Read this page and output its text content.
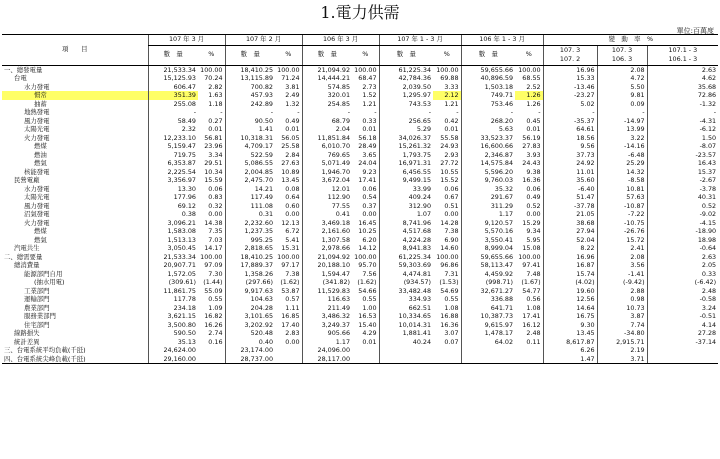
1.電力供需
單位:百萬度
項　　目	107 年 3 月		107 年 2 月		106 年 3 月		107 年 1 - 3 月		106 年 1 - 3 月		變　動　率　%		
	數　量	%	數　量	%	數　量	%	數　量	%	數　量	%	107. 3
107. 2	107. 3
106. 3	107.1 - 3
106.1 - 3
一、總發電量	21,533.34	100.00	18,410.25	100.00	21,094.92	100.00	61,225.34	100.00	59,655.66	100.00	16.96	2.08	2.63
台電	15,125.93	70.24	13,115.89	71.24	14,444.21	68.47	42,784.36	69.88	40,896.59	68.55	15.33	4.72	4.62
水力發電	606.47	2.82	700.82	3.81	574.85	2.73	2,039.50	3.33	1,503.18	2.52	-13.46	5.50	35.68
慣常	351.39	1.63	457.93	2.49	320.01	1.52	1,295.97	2.12	749.71	1.26	-23.27	9.81	72.86
抽蓄	255.08	1.18	242.89	1.32	254.85	1.21	743.53	1.21	753.46	1.26	5.02	0.09	-1.32
地熱發電	-	-	-	-	-	-	-	-	-	-	-	-	-
風力發電	58.49	0.27	90.50	0.49	68.79	0.33	256.65	0.42	268.20	0.45	-35.37	-14.97	-4.31
太陽光電	2.32	0.01	1.41	0.01	2.04	0.01	5.29	0.01	5.63	0.01	64.61	13.99	-6.12
火力發電	12,233.10	56.81	10,318.31	56.05	11,851.84	56.18	34,026.37	55.58	33,523.37	56.19	18.56	3.22	1.50
燃煤	5,159.47	23.96	4,709.17	25.58	6,010.70	28.49	15,261.32	24.93	16,600.66	27.83	9.56	-14.16	-8.07
燃油	719.75	3.34	522.59	2.84	769.65	3.65	1,793.75	2.93	2,346.87	3.93	37.73	-6.48	-23.57
燃氣	6,353.87	29.51	5,086.55	27.63	5,071.49	24.04	16,971.31	27.72	14,575.84	24.43	24.92	25.29	16.43
核能發電	2,225.54	10.34	2,004.85	10.89	1,946.70	9.23	6,456.55	10.55	5,596.20	9.38	11.01	14.32	15.37
民營電廠	3,356.97	15.59	2,475.70	13.45	3,672.04	17.41	9,499.15	15.52	9,760.03	16.36	35.60	-8.58	-2.67
水力發電	13.30	0.06	14.21	0.08	12.01	0.06	33.99	0.06	35.32	0.06	-6.40	10.81	-3.78
太陽光電	177.96	0.83	117.49	0.64	112.90	0.54	409.24	0.67	291.67	0.49	51.47	57.63	40.31
風力發電	69.12	0.32	111.08	0.60	77.55	0.37	312.90	0.51	311.29	0.52	-37.78	-10.87	0.52
沼氣發電	0.38	0.00	0.31	0.00	0.41	0.00	1.07	0.00	1.17	0.00	21.05	-7.22	-9.02
火力發電	3,096.21	14.38	2,232.60	12.13	3,469.18	16.45	8,741.96	14.28	9,120.57	15.29	38.68	-10.75	-4.15
燃煤	1,583.08	7.35	1,237.35	6.72	2,161.60	10.25	4,517.68	7.38	5,570.16	9.34	27.94	-26.76	-18.90
燃氣	1,513.13	7.03	995.25	5.41	1,307.58	6.20	4,224.28	6.90	3,550.41	5.95	52.04	15.72	18.98
汽電共生	3,050.45	14.17	2,818.65	15.31	2,978.66	14.12	8,941.83	14.60	8,999.04	15.08	8.22	2.41	-0.64
二、總需要量	21,533.34	100.00	18,410.25	100.00	21,094.92	100.00	61,225.34	100.00	59,655.66	100.00	16.96	2.08	2.63
總消費量	20,907.71	97.09	17,889.37	97.17	20,188.10	95.70	59,303.69	96.86	58,113.47	97.41	16.87	3.56	2.05
能源部門自用	1,572.05	7.30	1,358.26	7.38	1,594.47	7.56	4,474.81	7.31	4,459.92	7.48	15.74	-1.41	0.33
(抽水用電)	(309.61)	(1.44)	(297.66)	(1.62)	(341.82)	(1.62)	(934.57)	(1.53)	(998.71)	(1.67)	(4.02)	(-9.42)	(-6.42)
工業部門	11,861.75	55.09	9,917.63	53.87	11,529.83	54.66	33,482.48	54.69	32,671.27	54.77	19.60	2.88	2.48
運輸部門	117.78	0.55	104.63	0.57	116.63	0.55	334.93	0.55	336.88	0.56	12.56	0.98	-0.58
農業部門	234.18	1.09	204.28	1.11	211.49	1.00	662.51	1.08	641.71	1.08	14.64	10.73	3.24
服務業部門	3,621.15	16.82	3,101.65	16.85	3,486.32	16.53	10,334.65	16.88	10,387.73	17.41	16.75	3.87	-0.51
住宅部門	3,500.80	16.26	3,202.92	17.40	3,249.37	15.40	10,014.31	16.36	9,615.97	16.12	9.30	7.74	4.14
線路損失	590.50	2.74	520.48	2.83	905.66	4.29	1,881.41	3.07	1,478.17	2.48	13.45	-34.80	27.28
統計差異	35.13	0.16	0.40	0.00	1.17	0.01	40.24	0.07	64.02	0.11	8,617.87	2,915.71	-37.14
三、台電系統平均負載(千瓩)	24,624.00		23,174.00		24,096.00						6.26	2.19	
四、台電系統尖峰負載(千瓩)	29,160.00		28,737.00		28,117.00						1.47	3.71	
